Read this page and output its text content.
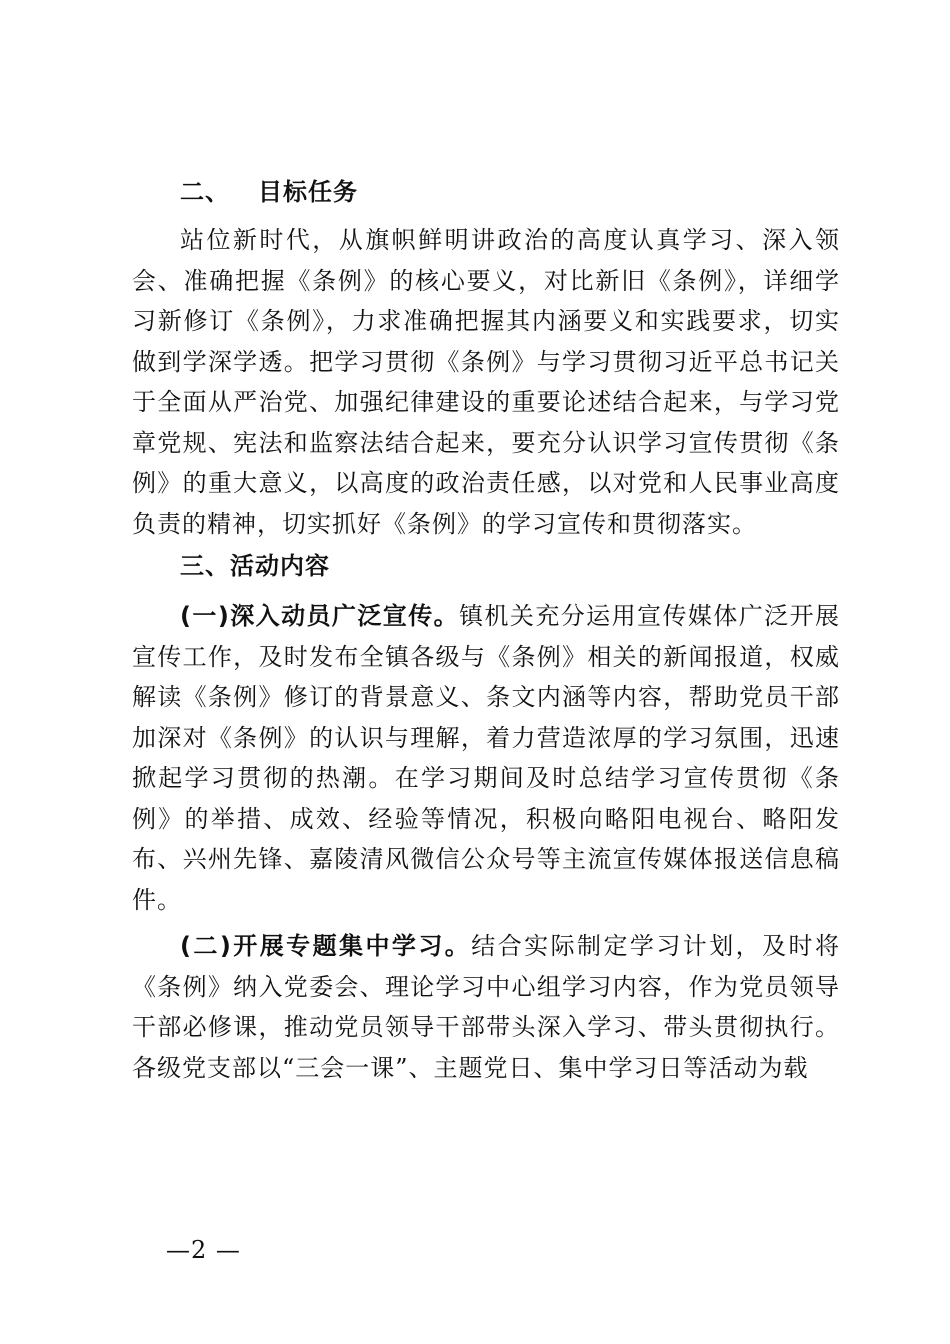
二、 目标任务

站位新时代，从旗帜鲜明讲政治的高度认真学习、深入领会、准确把握《条例》的核心要义，对比新旧《条例》，详细学习新修订《条例》，力求准确把握其内涵要义和实践要求，切实做到学深学透。把学习贯彻《条例》与学习贯彻习近平总书记关于全面从严治党、加强纪律建设的重要论述结合起来，与学习党章党规、宪法和监察法结合起来，要充分认识学习宣传贯彻《条例》的重大意义，以高度的政治责任感，以对党和人民事业高度负责的精神，切实抓好《条例》的学习宣传和贯彻落实。

三、活动内容

(一)深入动员广泛宣传。镇机关充分运用宣传媒体广泛开展宣传工作，及时发布全镇各级与《条例》相关的新闻报道，权威解读《条例》修订的背景意义、条文内涵等内容，帮助党员干部加深对《条例》的认识与理解，着力营造浓厚的学习氛围，迅速掀起学习贯彻的热潮。在学习期间及时总结学习宣传贯彻《条例》的举措、成效、经验等情况，积极向略阳电视台、略阳发布、兴州先锋、嘉陵清风微信公众号等主流宣传媒体报送信息稿件。

(二)开展专题集中学习。结合实际制定学习计划，及时将《条例》纳入党委会、理论学习中心组学习内容，作为党员领导干部必修课，推动党员领导干部带头深入学习、带头贯彻执行。各级党支部以“三会一课”、主题党日、集中学习日等活动为载

—2 —
